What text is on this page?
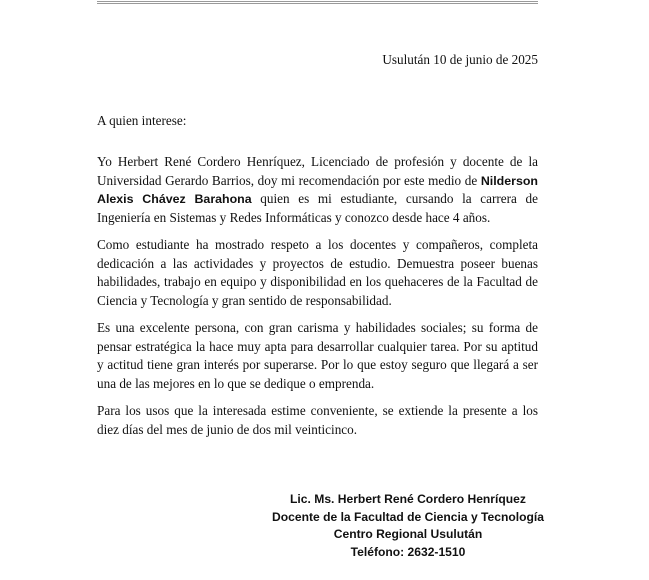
Usulután 10 de junio de 2025
A quien interese:

Yo Herbert René Cordero Henríquez, Licenciado de profesión y docente de la Universidad Gerardo Barrios, doy mi recomendación por este medio de Nilderson Alexis Chávez Barahona quien es mi estudiante, cursando la carrera de Ingeniería en Sistemas y Redes Informáticas y conozco desde hace 4 años.

Como estudiante ha mostrado respeto a los docentes y compañeros, completa dedicación a las actividades y proyectos de estudio. Demuestra poseer buenas habilidades, trabajo en equipo y disponibilidad en los quehaceres de la Facultad de Ciencia y Tecnología y gran sentido de responsabilidad.

Es una excelente persona, con gran carisma y habilidades sociales; su forma de pensar estratégica la hace muy apta para desarrollar cualquier tarea. Por su aptitud y actitud tiene gran interés por superarse. Por lo que estoy seguro que llegará a ser una de las mejores en lo que se dedique o emprenda.

Para los usos que la interesada estime conveniente, se extiende la presente a los diez días del mes de junio de dos mil veinticinco.

Lic. Ms. Herbert René Cordero Henríquez
Docente de la Facultad de Ciencia y Tecnología
Centro Regional Usulután
Teléfono: 2632-1510
